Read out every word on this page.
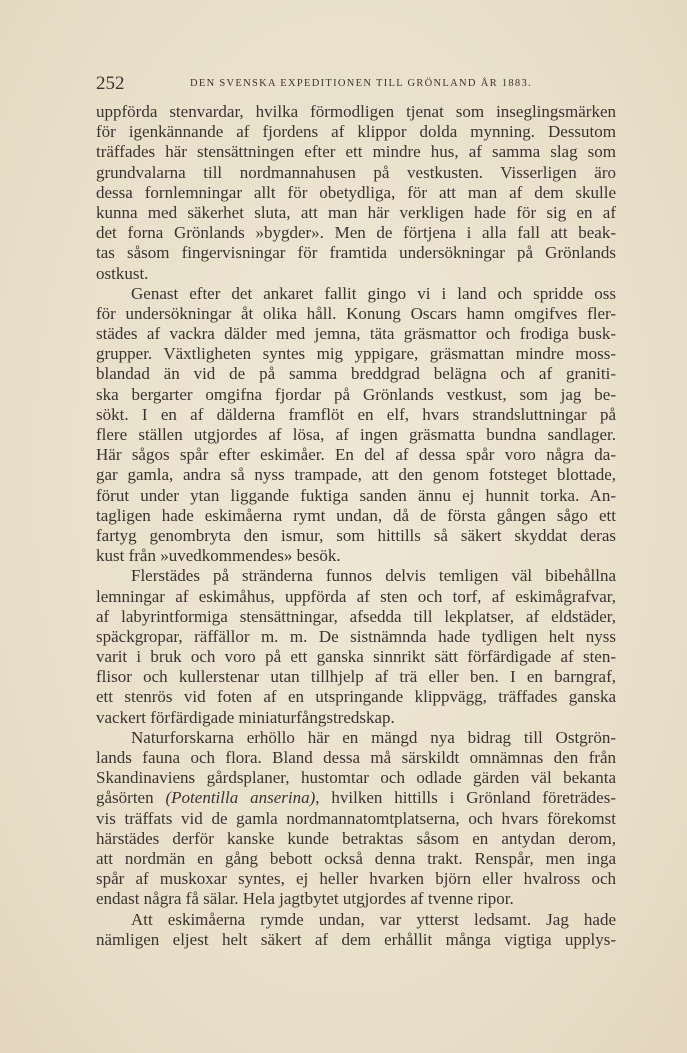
252	DEN SVENSKA EXPEDITIONEN TILL GRÖNLAND ÅR 1883.
uppförda stenvardar, hvilka förmodligen tjenat som inseglingsmärken
för igenkännande af fjordens af klippor dolda mynning. Dessutom
träffades här stensättningen efter ett mindre hus, af samma slag som
grundvalarna till nordmannahusen på vestkusten. Visserligen äro
dessa fornlemningar allt för obetydliga, för att man af dem skulle
kunna med säkerhet sluta, att man här verkligen hade för sig en af
det forna Grönlands »bygder». Men de förtjena i alla fall att beak-
tas såsom fingervisningar för framtida undersökningar på Grönlands
ostkust.
Genast efter det ankaret fallit gingo vi i land och spridde oss
för undersökningar åt olika håll. Konung Oscars hamn omgifves fler-
städes af vackra dälder med jemna, täta gräsmattor och frodiga busk-
grupper. Växtligheten syntes mig yppigare, gräsmattan mindre moss-
blandad än vid de på samma breddgrad belägna och af graniti-
ska bergarter omgifna fjordar på Grönlands vestkust, som jag be-
sökt. I en af dälderna framflöt en elf, hvars strandsluttningar på
flere ställen utgjordes af lösa, af ingen gräsmatta bundna sandlager.
Här sågos spår efter eskimåer. En del af dessa spår voro några da-
gar gamla, andra så nyss trampade, att den genom fotsteget blottade,
förut under ytan liggande fuktiga sanden ännu ej hunnit torka. An-
tagligen hade eskimåerna rymt undan, då de första gången sågo ett
fartyg genombryta den ismur, som hittills så säkert skyddat deras
kust från »uvedkommendes» besök.
Flerstädes på stränderna funnos delvis temligen väl bibehållna
lemningar af eskimåhus, uppförda af sten och torf, af eskimågrafvar,
af labyrintformiga stensättningar, afsedda till lekplatser, af eldstäder,
späckgropar, räffällor m. m. De sistnämnda hade tydligen helt nyss
varit i bruk och voro på ett ganska sinnrikt sätt förfärdigade af sten-
flisor och kullerstenar utan tillhjelp af trä eller ben. I en barngraf,
ett stenrös vid foten af en utspringande klippvägg, träffades ganska
vackert förfärdigade miniaturfångstredskap.
Naturforskarna erhöllo här en mängd nya bidrag till Ostgrön-
lands fauna och flora. Bland dessa må särskildt omnämnas den från
Skandinaviens gårdsplaner, hustomtar och odlade gärden väl bekanta
gåsörten (Potentilla anserina), hvilken hittills i Grönland företrädes-
vis träffats vid de gamla nordmannatomtplatserna, och hvars förekomst
härstädes derför kanske kunde betraktas såsom en antydan derom,
att nordmän en gång bebott också denna trakt. Renspår, men inga
spår af muskoxar syntes, ej heller hvarken björn eller hvalross och
endast några få sälar. Hela jagtbytet utgjordes af tvenne ripor.
Att eskimåerna rymde undan, var ytterst ledsamt. Jag hade
nämligen eljest helt säkert af dem erhållit många vigtiga upplys-
